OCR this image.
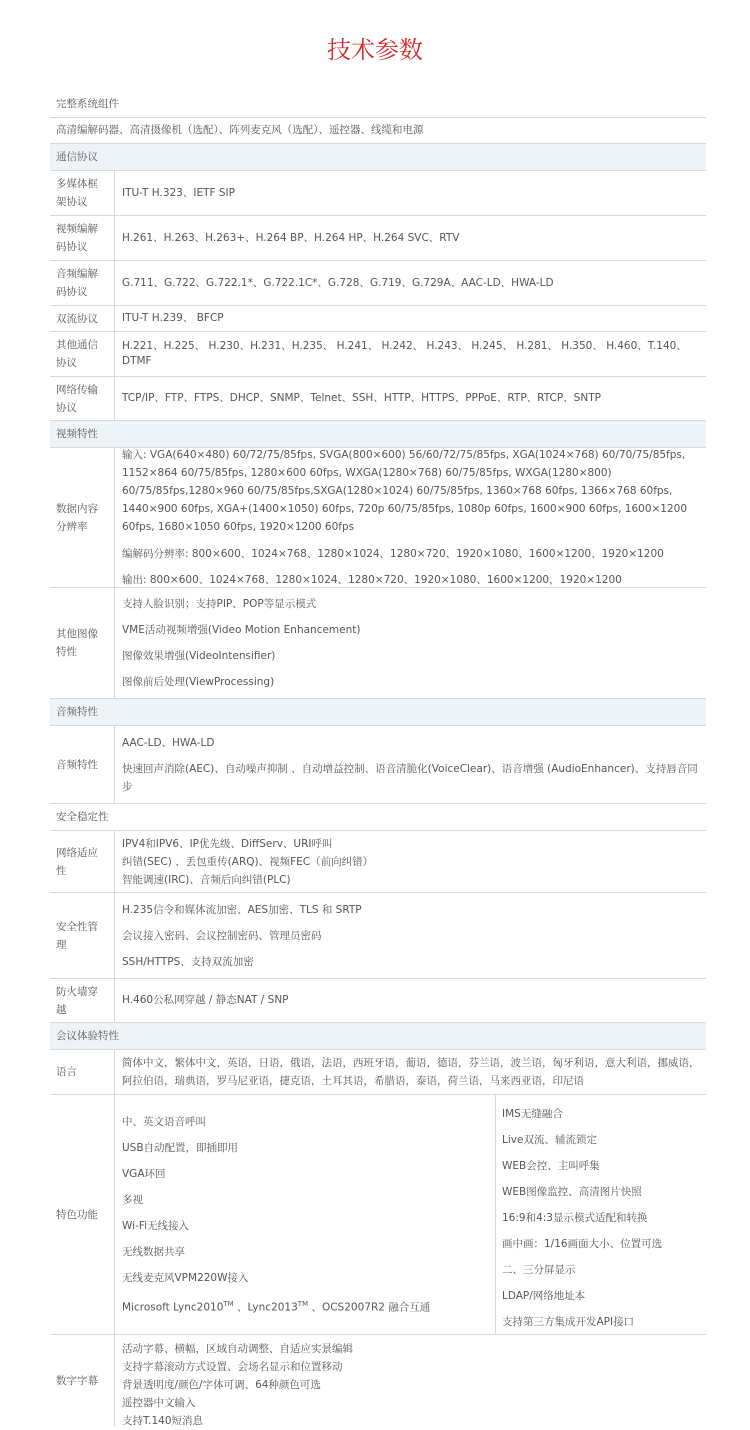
技术参数
完整系统组件
高清编解码器、高清摄像机（选配）、阵列麦克风（选配）、遥控器、线缆和电源
通信协议
多媒体框架协议
ITU-T H.323、IETF SIP
视频编解码协议
H.261、H.263、H.263+、H.264 BP、H.264 HP、H.264 SVC、RTV
音频编解码协议
G.711、G.722、G.722.1*、G.722.1C*、G.728、G.719、G.729A、AAC-LD、HWA-LD
双流协议	ITU-T H.239、 BFCP
其他通信协议
H.221、H.225、 H.230、H.231、H.235、 H.241、 H.242、 H.243、 H.245、 H.281、 H.350、 H.460、T.140、DTMF
网络传输协议
TCP/IP、FTP、FTPS、DHCP、SNMP、Telnet、SSH、HTTP、HTTPS、PPPoE、RTP、RTCP、SNTP
视频特性
数据内容分辨率
输入: VGA(640×480) 60/72/75/85fps, SVGA(800×600) 56/60/72/75/85fps, XGA(1024×768) 60/70/75/85fps, 1152×864 60/75/85fps, 1280×600 60fps, WXGA(1280×768) 60/75/85fps, WXGA(1280×800) 60/75/85fps,1280×960 60/75/85fps,SXGA(1280×1024) 60/75/85fps, 1360×768 60fps, 1366×768 60fps, 1440×900 60fps, XGA+(1400×1050) 60fps, 720p 60/75/85fps, 1080p 60fps, 1600×900 60fps, 1600×1200 60fps, 1680×1050 60fps, 1920×1200 60fps
编解码分辨率: 800×600、1024×768、1280×1024、1280×720、1920×1080、1600×1200、1920×1200
输出: 800×600、1024×768、1280×1024、1280×720、1920×1080、1600×1200，1920×1200
其他图像特性
支持人脸识别；支持PIP、POP等显示模式
VME活动视频增强(Video Motion Enhancement)
图像效果增强(VideoIntensifier)
图像前后处理(ViewProcessing)
音频特性
音频特性
AAC-LD、HWA-LD
快速回声消除(AEC)、自动噪声抑制 、自动增益控制、语音清脆化(VoiceClear)、语音增强 (AudioEnhancer)、支持唇音同步
安全稳定性
网络适应性
IPV4和IPV6、IP优先级、DiffServ、URI呼叫
纠错(SEC) 、丢包重传(ARQ)、视频FEC（前向纠错）
智能调速(IRC)、音频后向纠错(PLC)
安全性管理
H.235信令和媒体流加密、AES加密、TLS 和 SRTP
会议接入密码、会议控制密码、管理员密码
SSH/HTTPS、支持双流加密
防火墙穿越
H.460公私网穿越 / 静态NAT / SNP
会议体验特性
语言
简体中文，繁体中文，英语，日语，俄语，法语，西班牙语，葡语，德语，芬兰语，波兰语，匈牙利语，意大利语，挪威语，阿拉伯语，瑞典语，罗马尼亚语，捷克语，土耳其语，希腊语，泰语，荷兰语，马来西亚语，印尼语
特色功能
中、英文语音呼叫
USB自动配置，即插即用
VGA环回
多视
Wi-Fi无线接入
无线数据共享
无线麦克风VPM220W接入
Microsoft Lync2010™ 、Lync2013™ 、OCS2007R2 融合互通
IMS无缝融合
Live双流、辅流锁定
WEB会控、主叫呼集
WEB图像监控、高清图片快照
16:9和4:3显示模式适配和转换
画中画：1/16画面大小、位置可选
二、三分屏显示
LDAP/网络地址本
支持第三方集成开发API接口
数字字幕
活动字幕、横幅，区域自动调整、自适应实景编辑
支持字幕滚动方式设置、会场名显示和位置移动
背景透明度/颜色/字体可调、64种颜色可选
遥控器中文输入
支持T.140短消息
